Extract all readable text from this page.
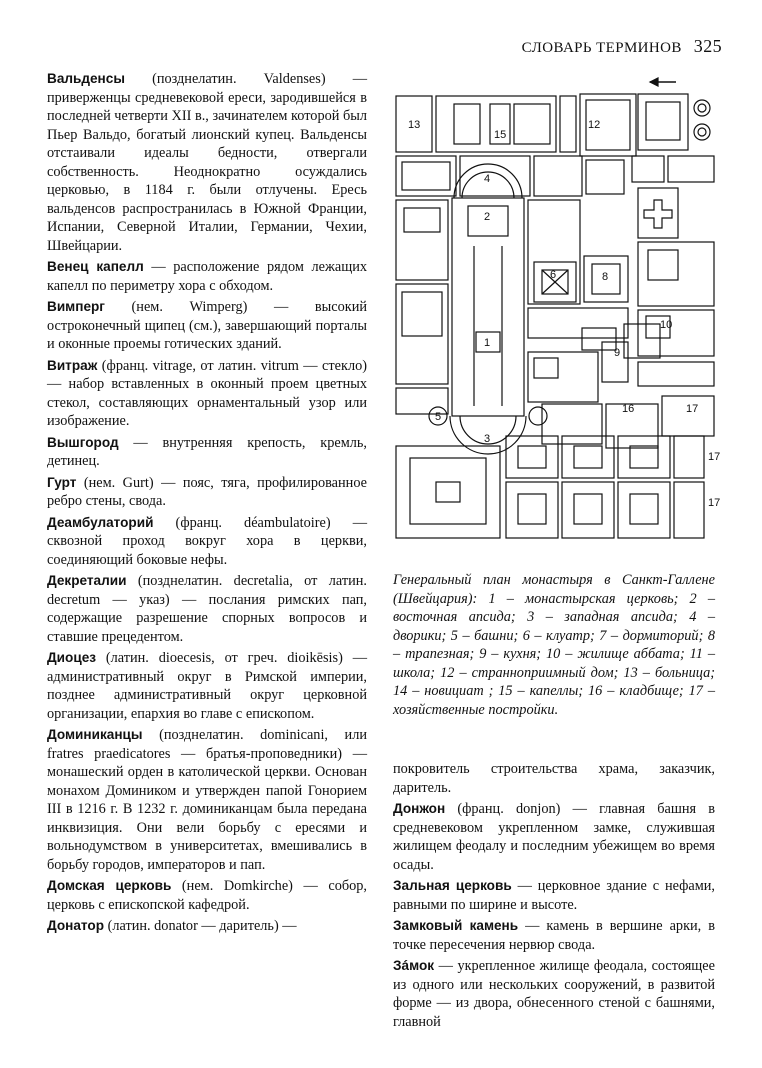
СЛОВАРЬ ТЕРМИНОВ 325

Вальденсы (позднелатин. Valdenses) — приверженцы средневековой ереси, зародившейся в последней четверти XII в., зачинателем которой был Пьер Вальдо, богатый лионский купец. Вальденсы отстаивали идеалы бедности, отвергали собственность. Неоднократно осуждались церковью, в 1184 г. были отлучены. Ересь вальденсов распространилась в Южной Франции, Испании, Северной Италии, Германии, Чехии, Швейцарии.

Венец капелл — расположение рядом лежащих капелл по периметру хора с обходом.

Вимперг (нем. Wimperg) — высокий остроконечный щипец (см.), завершающий порталы и оконные проемы готических зданий.

Витраж (франц. vitrage, от латин. vitrum — стекло) — набор вставленных в оконный проем цветных стекол, составляющих орнаментальный узор или изображение.

Вышгород — внутренняя крепость, кремль, детинец.

Гурт (нем. Gurt) — пояс, тяга, профилированное ребро стены, свода.

Деамбулаторий (франц. déambulatoire) — сквозной проход вокруг хора в церкви, соединяющий боковые нефы.

Декреталии (позднелатин. decretalia, от латин. decretum — указ) — послания римских пап, содержащие разрешение спорных вопросов и ставшие прецедентом.

Диоцез (латин. dioecesis, от греч. dioikēsis) — административный округ в Римской империи, позднее административный округ церковной организации, епархия во главе с епископом.

Доминиканцы (позднелатин. dominicani, или fratres praedicatores — братья-проповедники) — монашеский орден в католической церкви. Основан монахом Домиником и утвержден папой Гонорием III в 1216 г. В 1232 г. доминиканцам была передана инквизиция. Они вели борьбу с ересями и вольнодумством в университетах, вмешивались в борьбу городов, императоров и пап.

Домская церковь (нем. Domkirche) — собор, церковь с епископской кафедрой.

Донатор (латин. donator — даритель) —

13
15
12
4
2
3
5
6	8
9
1
16	17
17
17
10

Генеральный план монастыря в Санкт-Галлене (Швейцария): 1 – монастырская церковь; 2 – восточная апсида; 3 – западная апсида; 4 – дворики; 5 – башни; 6 – клуатр; 7 – дормиторий; 8 – трапезная; 9 – кухня; 10 – жилище аббата; 11 – школа; 12 – странноприимный дом; 13 – больница; 14 – новициат ; 15 – капеллы; 16 – кладбище; 17 – хозяйственные постройки.

покровитель строительства храма, заказчик, даритель.

Донжон (франц. donjon) — главная башня в средневековом укрепленном замке, служившая жилищем феодалу и последним убежищем во время осады.

Зальная церковь — церковное здание с нефами, равными по ширине и высоте.

Замковый камень — камень в вершине арки, в точке пересечения нервюр свода.

Зáмок — укрепленное жилище феодала, состоящее из одного или нескольких сооружений, в развитой форме — из двора, обнесенного стеной с башнями, главной
